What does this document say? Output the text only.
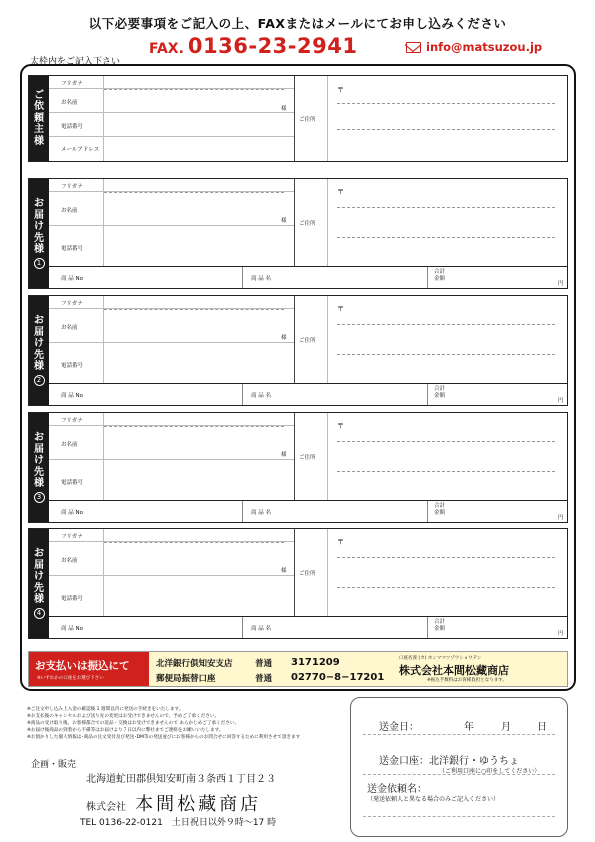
以下必要事項をご記入の上、FAXまたはメールにてお申し込みください
FAX. 0136-23-2941	info@matsuzou.jp
太枠内をご記入下さい
ご
依
頼
主
様
フリガナ
お名前
様
電話番号
メールアドレス
ご住所
〒
お
届
け
先
様
1
フリガナ
お名前
様
電話番号
ご住所
〒
商 品 No	商 品 名
合計
金額
円
お
届
け
先
様
2
フリガナ
お名前
様
電話番号
ご住所
〒
商 品 No	商 品 名
合計
金額
円
お
届
け
先
様
3
フリガナ
お名前
様
電話番号
ご住所
〒
商 品 No	商 品 名
合計
金額
円
お
届
け
先
様
4
フリガナ
お名前
様
電話番号
ご住所
〒
商 品 No	商 品 名
合計
金額
円
お支払いは振込にて
※いずれかの口座をお選び下さい
北洋銀行倶知安支店	普通 3171209
郵便局振替口座	普通 02770−8−17201
口座名義 (カ) ホンママツゾウショウテン
株式会社本間松藏商店
※振込手数料はお客様負担となります。
※ご注文申し込み上入金の確認後 1 週間以内に発送の手続きをいたします。
※お支払後のキャンセルおよび送り先の変更はお受けできませんので、予めご了承ください。
※商品の受け取り後、お客様都合での返品・交換はお受けできませんので あらかじめご了承ください。
※お届け後商品の到着から不備等はお届けより７日以内に弊社までご連絡をお願いいたします。
※お預かりした個人情報は･商品の注文受付及び発送･DM等の発送並びにお客様からのお問合せに回答するために利用させて頂きます
企画・販売
北海道虻田郡倶知安町南３条西１丁目２３
株式会社 本間松藏商店
TEL 0136-22-0121　土日祝日以外９時〜17 時
送金日：	年	月	日
送金口座：北洋銀行・ゆうちょ
（ご利用口座に○印をしてください）
送金依頼名：
（発送依頼人と異なる場合のみご記入ください）
